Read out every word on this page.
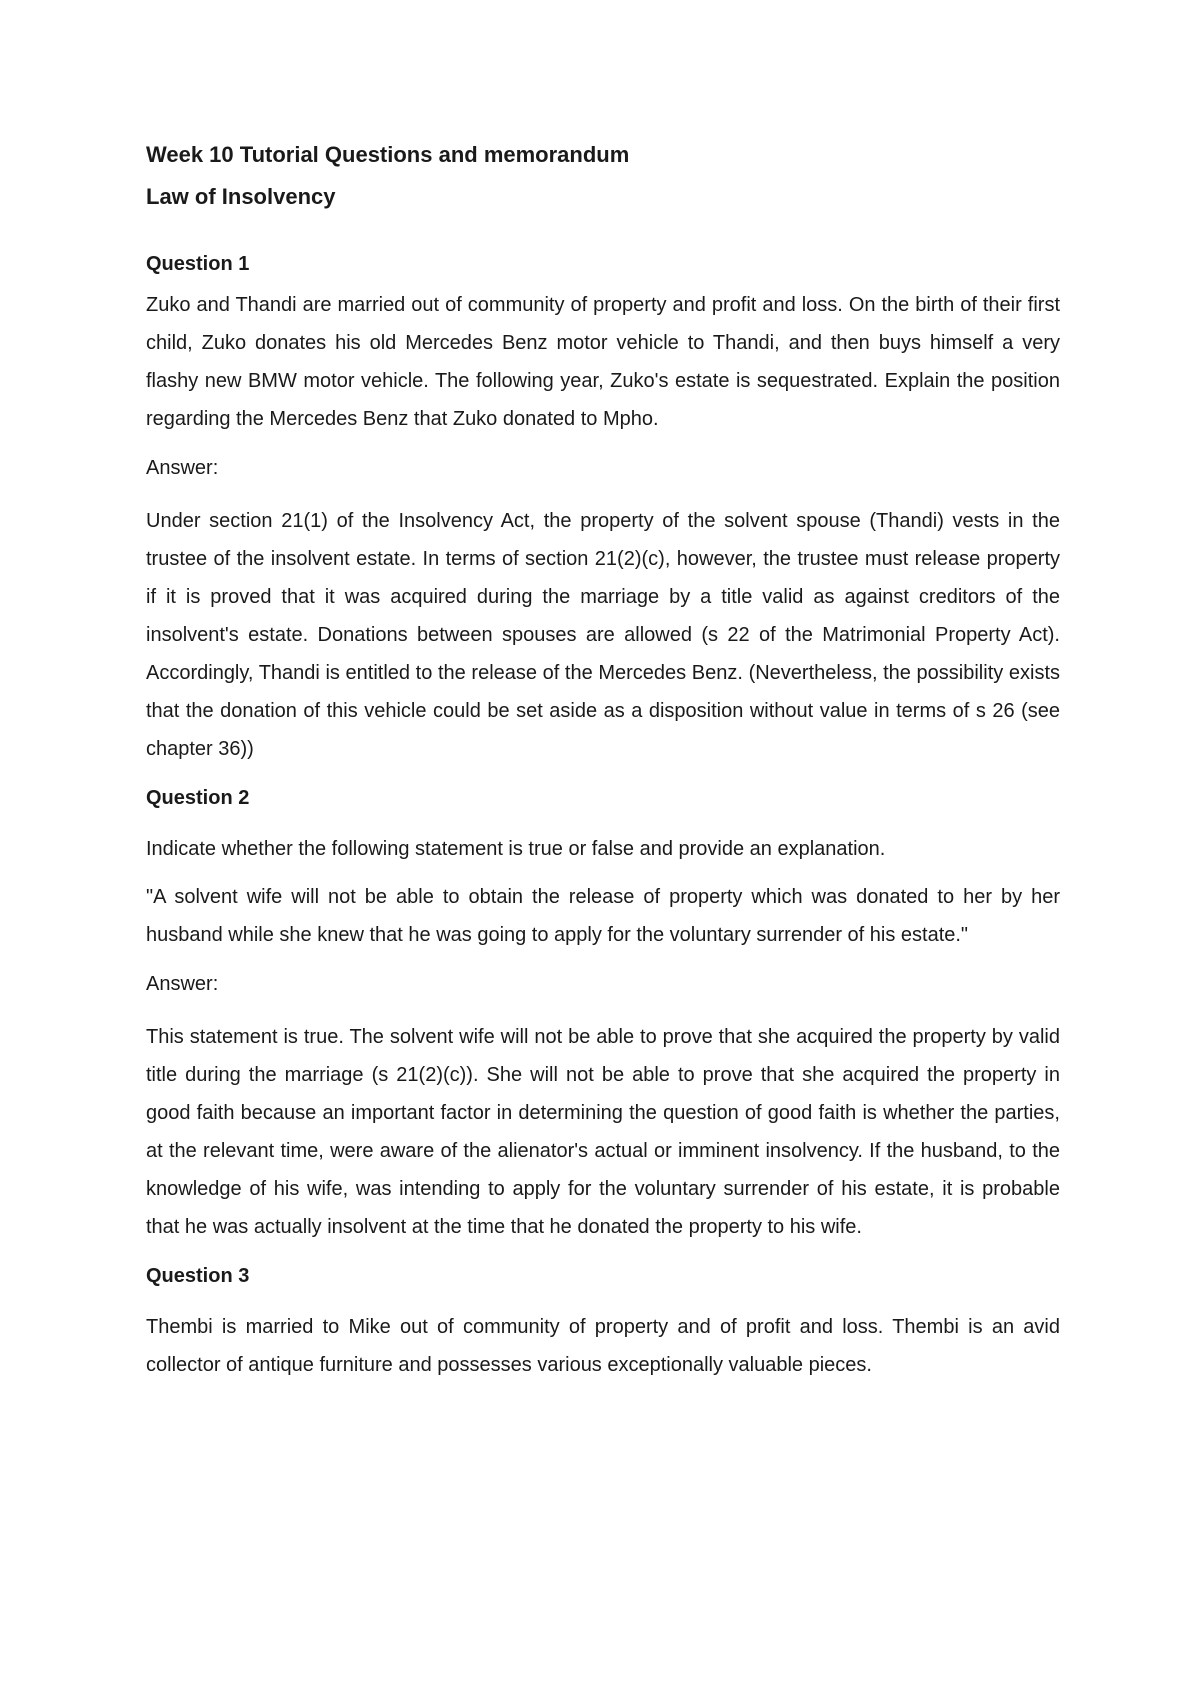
Week 10 Tutorial Questions and memorandum
Law of Insolvency
Question 1

Zuko and Thandi are married out of community of property and profit and loss. On the birth of their first child, Zuko donates his old Mercedes Benz motor vehicle to Thandi, and then buys himself a very flashy new BMW motor vehicle. The following year, Zuko's estate is sequestrated. Explain the position regarding the Mercedes Benz that Zuko donated to Mpho.

Answer:

Under section 21(1) of the Insolvency Act, the property of the solvent spouse (Thandi) vests in the trustee of the insolvent estate. In terms of section 21(2)(c), however, the trustee must release property if it is proved that it was acquired during the marriage by a title valid as against creditors of the insolvent's estate. Donations between spouses are allowed (s 22 of the Matrimonial Property Act). Accordingly, Thandi is entitled to the release of the Mercedes Benz. (Nevertheless, the possibility exists that the donation of this vehicle could be set aside as a disposition without value in terms of s 26 (see chapter 36))

Question 2

Indicate whether the following statement is true or false and provide an explanation.

"A solvent wife will not be able to obtain the release of property which was donated to her by her husband while she knew that he was going to apply for the voluntary surrender of his estate."

Answer:

This statement is true. The solvent wife will not be able to prove that she acquired the property by valid title during the marriage (s 21(2)(c)). She will not be able to prove that she acquired the property in good faith because an important factor in determining the question of good faith is whether the parties, at the relevant time, were aware of the alienator's actual or imminent insolvency. If the husband, to the knowledge of his wife, was intending to apply for the voluntary surrender of his estate, it is probable that he was actually insolvent at the time that he donated the property to his wife.

Question 3

Thembi is married to Mike out of community of property and of profit and loss. Thembi is an avid collector of antique furniture and possesses various exceptionally valuable pieces.
